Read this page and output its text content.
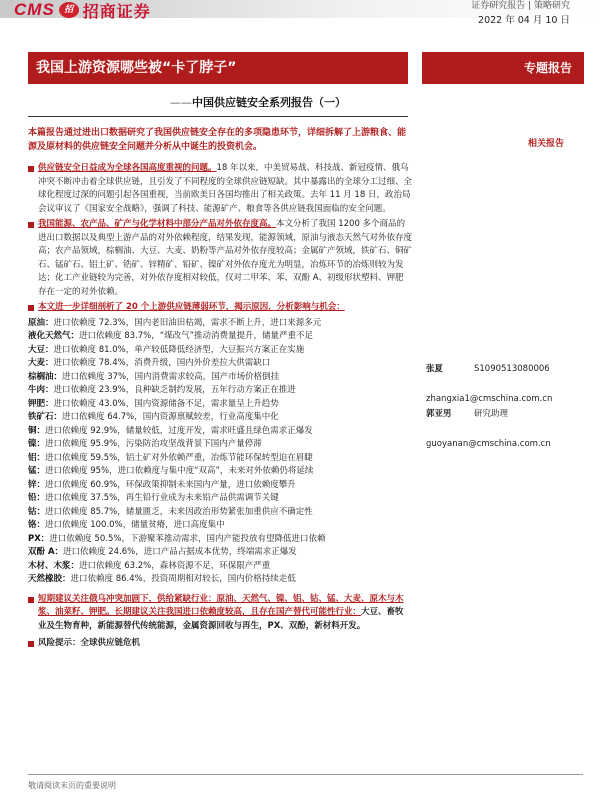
CMS	招 招商证券	证券研究报告 | 策略研究
2022 年 04 月 10 日
我国上游资源哪些被“卡了脖子”	专题报告
——中国供应链安全系列报告（一）
相关报告
本篇报告通过进出口数据研究了我国供应链安全存在的多项隐患环节，详细拆解了上游粮食、能源及原材料的供应链安全问题并分析从中诞生的投资机会。
供应链安全日益成为全球各国高度重视的问题。18 年以来，中美贸易战、科技战、新冠疫情、俄乌冲突不断冲击着全球供应链，且引发了不同程度的全球供应链短缺。其中暴露出的全球分工过细、全球化程度过深的问题引起各国重视，当前欧美日各国均推出了相关政策。去年 11 月 18 日，政治局会议审议了《国家安全战略》，强调了科技、能源矿产、粮食等各供应链我国面临的安全问题。
我国能源、农产品、矿产与化学材料中部分产品对外依存度高。本文分析了我国 1200 多个商品的进出口数据以及典型上游产品的对外依赖程度，结果发现，能源领域，原油与液态天然气对外依存度高；农产品领域，棕榈油、大豆、大麦、奶粉等产品对外依存度较高；金属矿产领域，铁矿石、铜矿石、锰矿石、铝土矿、锆矿、锌精矿、铅矿、镍矿对外依存度尤为明显，冶炼环节的冶炼则较为发达；化工产业链较为完善，对外依存度相对较低，仅对二甲苯、苯、双酚 A、初级形状塑料、钾肥存在一定的对外依赖。
本文进一步详细剖析了 20 个上游供应链薄弱环节，揭示原因，分析影响与机会：
原油：进口依赖度 72.3%，国内老旧油田枯竭，需求不断上升，进口来源多元
液化天然气：进口依赖度 83.7%，“煤改气”推动消费量提升，储量严重不足
大豆：进口依赖度 81.0%，单产较低降低经济型，大豆振兴方案正在实施
大麦：进口依赖度 78.4%，消费升级，国内外价差拉大供需缺口
棕榈油：进口依赖度 37%，国内消费需求较高，国产市场价格倒挂
牛肉：进口依赖度 23.9%，良种缺乏制约发展，五年行动方案正在推进
钾肥：进口依赖度 43.0%，国内资源储备不足，需求量呈上升趋势
铁矿石：进口依赖度 64.7%，国内资源禀赋较差，行业高度集中化
铜：进口依赖度 92.9%，储量较低，过度开发，需求旺盛且绿色需求正爆发
镍：进口依赖度 95.9%，污染防治攻坚战背景下国内产量停滞
铝：进口依赖度 59.5%，铝土矿对外依赖严重，冶炼节能环保转型迫在眉睫
锰：进口依赖度 95%，进口依赖度与集中度“双高”，未来对外依赖仍将延续
锌：进口依赖度 60.9%，环保政策抑制未来国内产量，进口依赖度攀升
铅：进口依赖度 37.5%，再生铅行业成为未来铅产品供需调节关键
钴：进口依赖度 85.7%，储量匮乏，未来因政治形势紧张加重供应不确定性
铬：进口依赖度 100.0%，储量贫瘠，进口高度集中
PX：进口依赖度 50.5%，下游聚苯推动需求，国内产能投放有望降低进口依赖
双酚 A：进口依赖度 24.6%，进口产品占据成本优势，终端需求正爆发
木材、木浆：进口依赖度 63.2%，森林资源不足，环保限产严重
天然橡胶：进口依赖度 86.4%，投资周期相对较长，国内价格持续走低
短期建议关注俄乌冲突加剧下，供给紧缺行业：原油、天然气、镍、铝、钴、锰、大麦、原木与木浆、油菜籽、钾肥。长期建议关注我国进口依赖度较高，且存在国产替代可能性行业：大豆、畜牧业及生物育种，新能源替代传统能源，金属资源回收与再生，PX、双酚，新材料开发。
风险提示：全球供应链危机
张夏	S1090513080006
zhangxia1@cmschina.com.cn
郭亚男	研究助理
guoyanan@cmschina.com.cn
敬请阅读末页的重要说明
